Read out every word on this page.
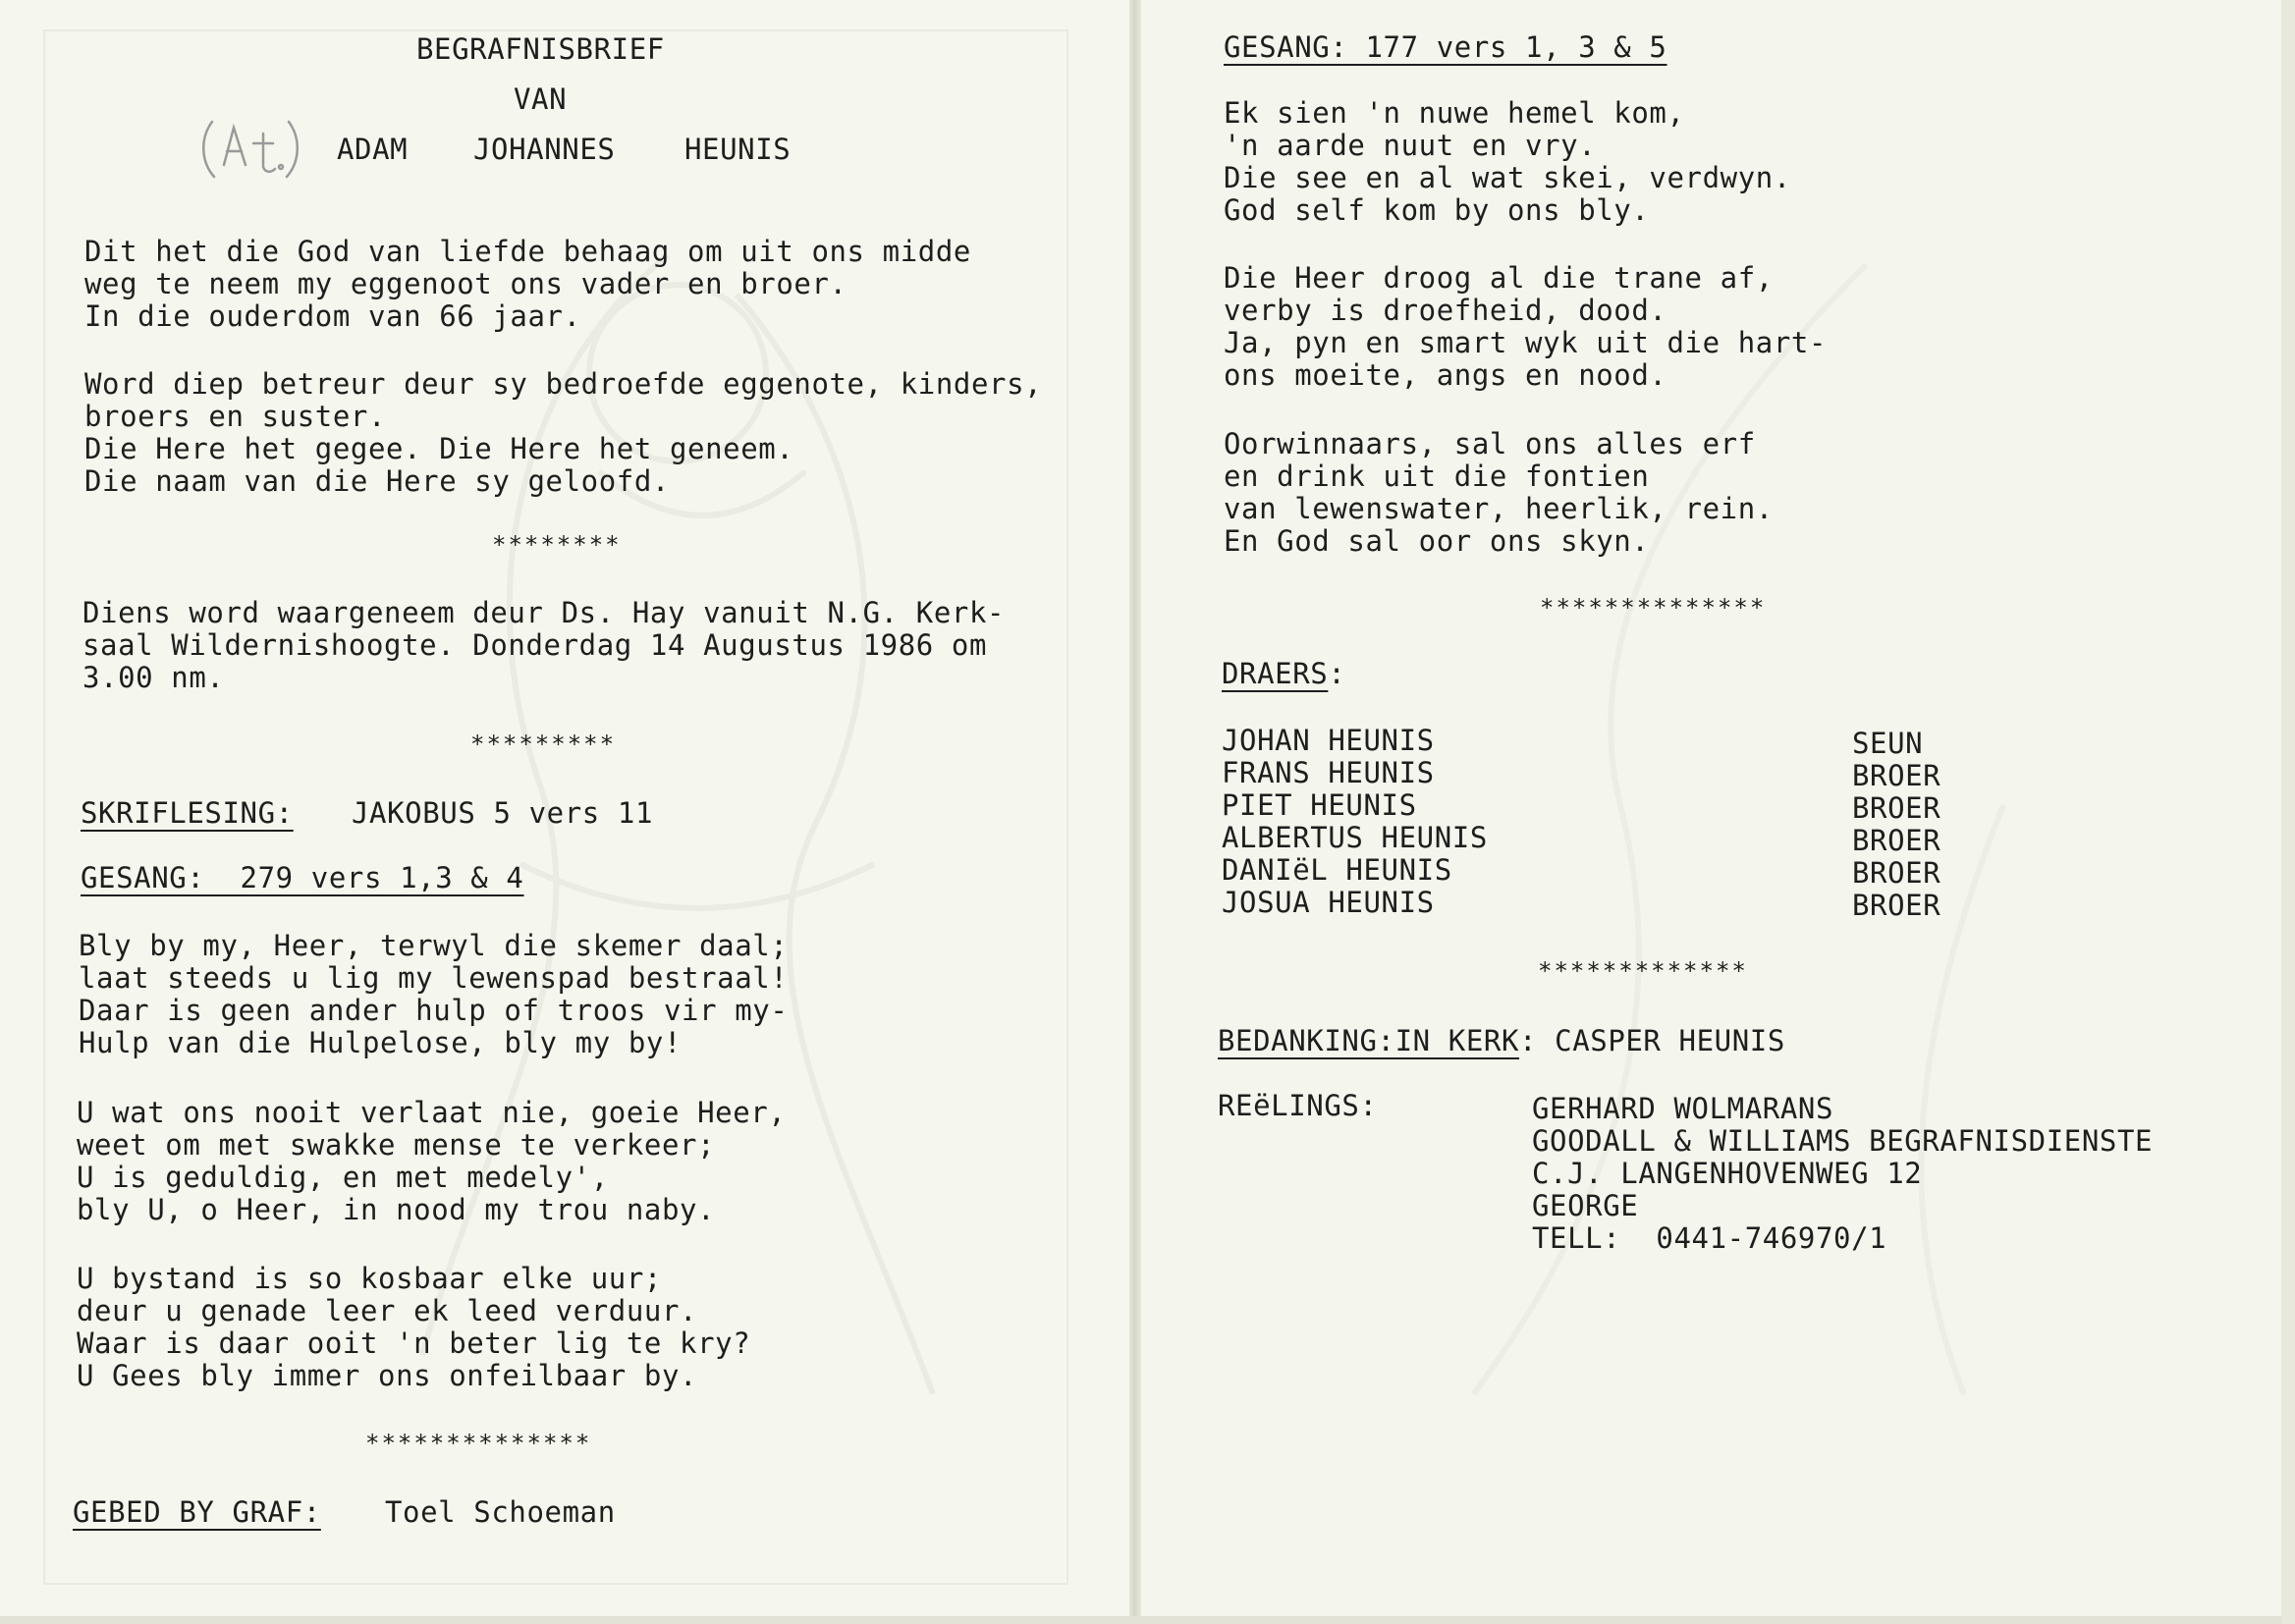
BEGRAFNISBRIEF
VAN
ADAM JOHANNES HEUNIS
Dit het die God van liefde behaag om uit ons midde
weg te neem my eggenoot ons vader en broer.
In die ouderdom van 66 jaar.
Word diep betreur deur sy bedroefde eggenote, kinders,
broers en suster.
Die Here het gegee. Die Here het geneem.
Die naam van die Here sy geloofd.
********
Diens word waargeneem deur Ds. Hay vanuit N.G. Kerk-
saal Wildernishoogte. Donderdag 14 Augustus 1986 om
3.00 nm.
*********
SKRIFLESING: JAKOBUS 5 vers 11
GESANG:  279 vers 1,3 & 4
Bly by my, Heer, terwyl die skemer daal;
laat steeds u lig my lewenspad bestraal!
Daar is geen ander hulp of troos vir my-
Hulp van die Hulpelose, bly my by!
U wat ons nooit verlaat nie, goeie Heer,
weet om met swakke mense te verkeer;
U is geduldig, en met medely',
bly U, o Heer, in nood my trou naby.
U bystand is so kosbaar elke uur;
deur u genade leer ek leed verduur.
Waar is daar ooit 'n beter lig te kry?
U Gees bly immer ons onfeilbaar by.
**************
GEBED BY GRAF: Toel Schoeman
GESANG: 177 vers 1, 3 & 5
Ek sien 'n nuwe hemel kom,
'n aarde nuut en vry.
Die see en al wat skei, verdwyn.
God self kom by ons bly.
Die Heer droog al die trane af,
verby is droefheid, dood.
Ja, pyn en smart wyk uit die hart-
ons moeite, angs en nood.
Oorwinnaars, sal ons alles erf
en drink uit die fontien
van lewenswater, heerlik, rein.
En God sal oor ons skyn.
**************
DRAERS:
JOHAN HEUNIS
FRANS HEUNIS
PIET HEUNIS
ALBERTUS HEUNIS
DANIëL HEUNIS
JOSUA HEUNIS
SEUN
BROER
BROER
BROER
BROER
BROER
*************
BEDANKING:IN KERK: CASPER HEUNIS
REëLINGS:	GERHARD WOLMARANS
GOODALL & WILLIAMS BEGRAFNISDIENSTE
C.J. LANGENHOVENWEG 12
GEORGE
TELL:  0441-746970/1
